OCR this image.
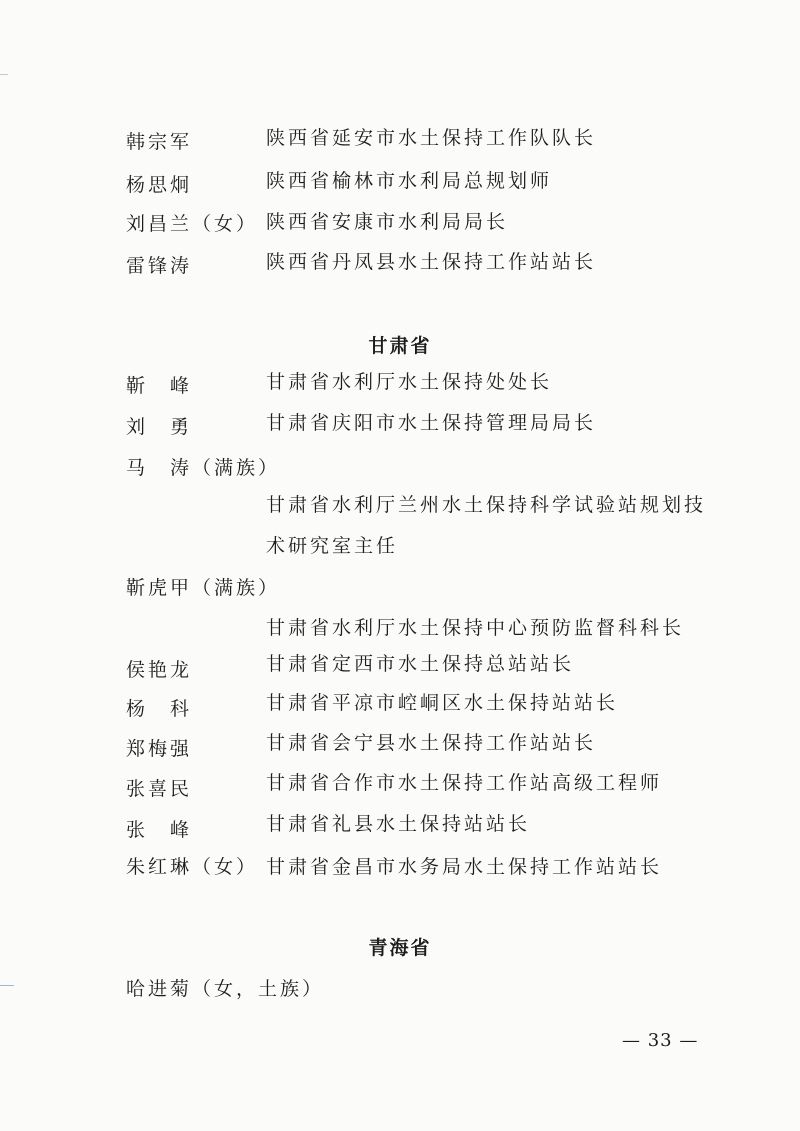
韩宗军	陕西省延安市水土保持工作队队长
杨思炯	陕西省榆林市水利局总规划师
刘昌兰（女） 陕西省安康市水利局局长
雷锋涛	陕西省丹凤县水土保持工作站站长
甘肃省
靳　峰	甘肃省水利厅水土保持处处长
刘　勇	甘肃省庆阳市水土保持管理局局长
马　涛（满族）
甘肃省水利厅兰州水土保持科学试验站规划技
术研究室主任
靳虎甲（满族）
甘肃省水利厅水土保持中心预防监督科科长
侯艳龙	甘肃省定西市水土保持总站站长
杨　科	甘肃省平凉市崆峒区水土保持站站长
郑梅强	甘肃省会宁县水土保持工作站站长
张喜民	甘肃省合作市水土保持工作站高级工程师
张　峰	甘肃省礼县水土保持站站长
朱红琳（女） 甘肃省金昌市水务局水土保持工作站站长
青海省
哈进菊（女，土族）
— 33 —
